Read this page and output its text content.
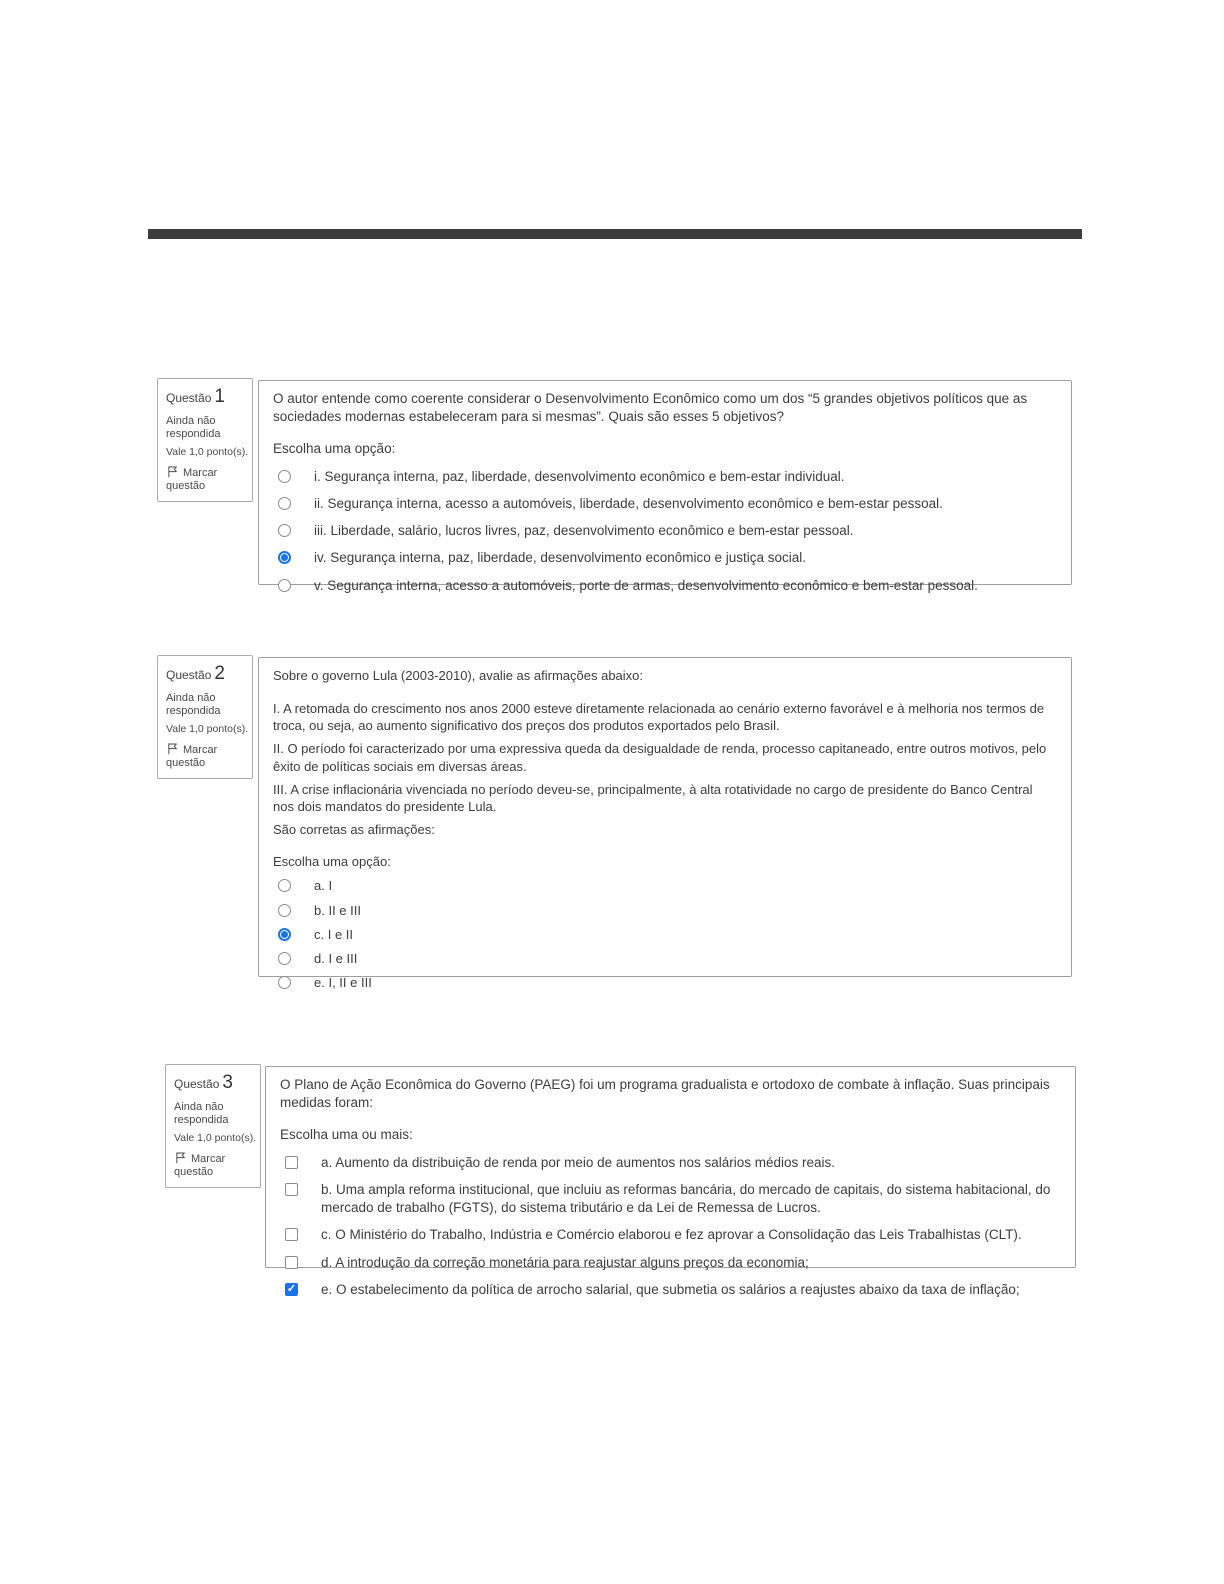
Questão 1
Ainda não respondida
Vale 1,0 ponto(s).
Marcar questão

O autor entende como coerente considerar o Desenvolvimento Econômico como um dos “5 grandes objetivos políticos que as sociedades modernas estabeleceram para si mesmas”. Quais são esses 5 objetivos?

Escolha uma opção:

i. Segurança interna, paz, liberdade, desenvolvimento econômico e bem-estar individual.
ii. Segurança interna, acesso a automóveis, liberdade, desenvolvimento econômico e bem-estar pessoal.
iii. Liberdade, salário, lucros livres, paz, desenvolvimento econômico e bem-estar pessoal.
iv. Segurança interna, paz, liberdade, desenvolvimento econômico e justiça social.
v. Segurança interna, acesso a automóveis, porte de armas, desenvolvimento econômico e bem-estar pessoal.
Questão 2
Ainda não respondida
Vale 1,0 ponto(s).
Marcar questão

Sobre o governo Lula (2003-2010), avalie as afirmações abaixo:

I. A retomada do crescimento nos anos 2000 esteve diretamente relacionada ao cenário externo favorável e à melhoria nos termos de troca, ou seja, ao aumento significativo dos preços dos produtos exportados pelo Brasil.

II. O período foi caracterizado por uma expressiva queda da desigualdade de renda, processo capitaneado, entre outros motivos, pelo êxito de políticas sociais em diversas áreas.

III. A crise inflacionária vivenciada no período deveu-se, principalmente, à alta rotatividade no cargo de presidente do Banco Central nos dois mandatos do presidente Lula.

São corretas as afirmações:

Escolha uma opção:

a. I
b. II e III
c. I e II
d. I e III
e. I, II e III
Questão 3
Ainda não respondida
Vale 1,0 ponto(s).
Marcar questão

O Plano de Ação Econômica do Governo (PAEG) foi um programa gradualista e ortodoxo de combate à inflação. Suas principais medidas foram:

Escolha uma ou mais:

a. Aumento da distribuição de renda por meio de aumentos nos salários médios reais.
b. Uma ampla reforma institucional, que incluiu as reformas bancária, do mercado de capitais, do sistema habitacional, do mercado de trabalho (FGTS), do sistema tributário e da Lei de Remessa de Lucros.
c. O Ministério do Trabalho, Indústria e Comércio elaborou e fez aprovar a Consolidação das Leis Trabalhistas (CLT).
d. A introdução da correção monetária para reajustar alguns preços da economia;
✓
e. O estabelecimento da política de arrocho salarial, que submetia os salários a reajustes abaixo da taxa de inflação;
